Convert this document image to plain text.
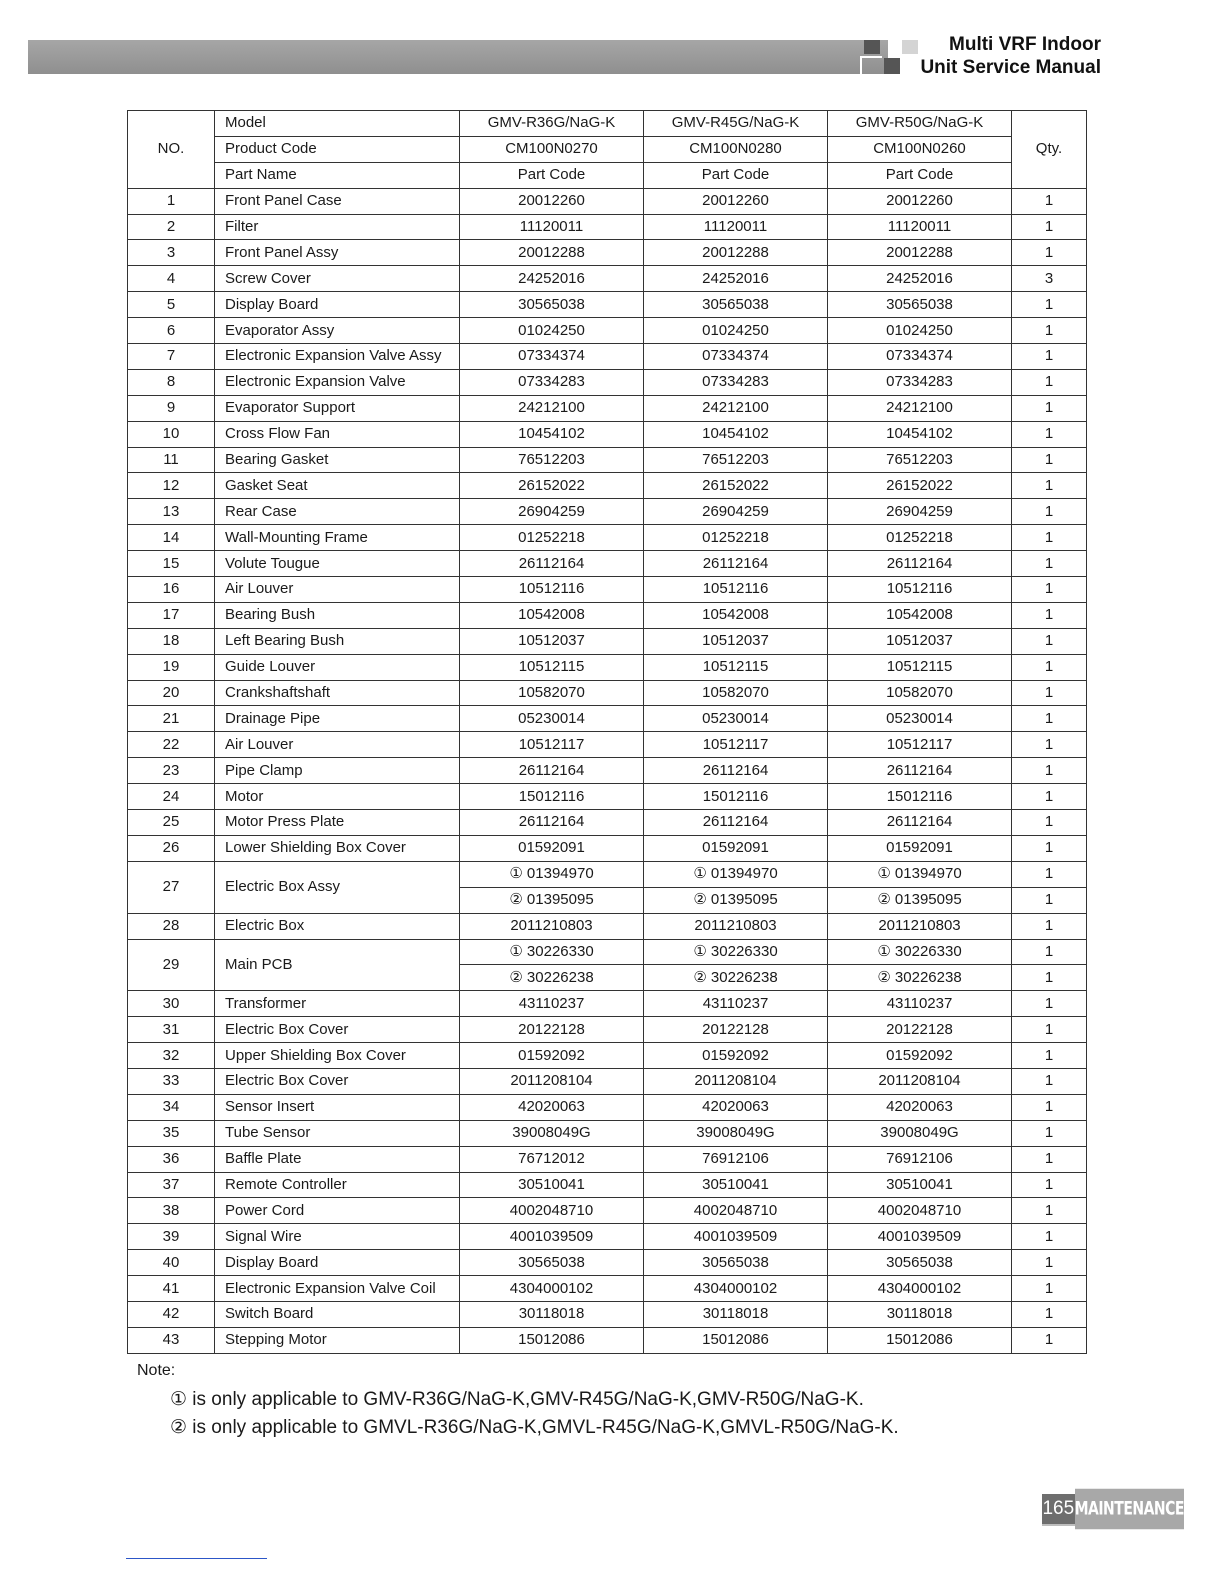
Multi VRF Indoor
Unit Service Manual
NO.	Model	GMV-R36G/NaG-K	GMV-R45G/NaG-K	GMV-R50G/NaG-K	Qty.
	Product Code	CM100N0270	CM100N0280	CM100N0260	
	Part Name	Part Code	Part Code	Part Code	
1	Front Panel Case	20012260	20012260	20012260	1
2	Filter	11120011	11120011	11120011	1
3	Front Panel Assy	20012288	20012288	20012288	1
4	Screw Cover	24252016	24252016	24252016	3
5	Display Board	30565038	30565038	30565038	1
6	Evaporator Assy	01024250	01024250	01024250	1
7	Electronic Expansion Valve Assy	07334374	07334374	07334374	1
8	Electronic Expansion Valve	07334283	07334283	07334283	1
9	Evaporator Support	24212100	24212100	24212100	1
10	Cross Flow Fan	10454102	10454102	10454102	1
11	Bearing Gasket	76512203	76512203	76512203	1
12	Gasket Seat	26152022	26152022	26152022	1
13	Rear Case	26904259	26904259	26904259	1
14	Wall-Mounting Frame	01252218	01252218	01252218	1
15	Volute Tougue	26112164	26112164	26112164	1
16	Air Louver	10512116	10512116	10512116	1
17	Bearing Bush	10542008	10542008	10542008	1
18	Left Bearing Bush	10512037	10512037	10512037	1
19	Guide Louver	10512115	10512115	10512115	1
20	Crankshaftshaft	10582070	10582070	10582070	1
21	Drainage Pipe	05230014	05230014	05230014	1
22	Air Louver	10512117	10512117	10512117	1
23	Pipe Clamp	26112164	26112164	26112164	1
24	Motor	15012116	15012116	15012116	1
25	Motor Press Plate	26112164	26112164	26112164	1
26	Lower Shielding Box Cover	01592091	01592091	01592091	1
27	Electric Box Assy	① 01394970	① 01394970	① 01394970	1
		② 01395095	② 01395095	② 01395095	1
28	Electric Box	2011210803	2011210803	2011210803	1
29	Main PCB	① 30226330	① 30226330	① 30226330	1
		② 30226238	② 30226238	② 30226238	1
30	Transformer	43110237	43110237	43110237	1
31	Electric Box Cover	20122128	20122128	20122128	1
32	Upper Shielding Box Cover	01592092	01592092	01592092	1
33	Electric Box Cover	2011208104	2011208104	2011208104	1
34	Sensor Insert	42020063	42020063	42020063	1
35	Tube Sensor	39008049G	39008049G	39008049G	1
36	Baffle Plate	76712012	76912106	76912106	1
37	Remote Controller	30510041	30510041	30510041	1
38	Power Cord	4002048710	4002048710	4002048710	1
39	Signal Wire	4001039509	4001039509	4001039509	1
40	Display Board	30565038	30565038	30565038	1
41	Electronic Expansion Valve Coil	4304000102	4304000102	4304000102	1
42	Switch Board	30118018	30118018	30118018	1
43	Stepping Motor	15012086	15012086	15012086	1
Note:
① is only applicable to GMV-R36G/NaG-K,GMV-R45G/NaG-K,GMV-R50G/NaG-K.
② is only applicable to GMVL-R36G/NaG-K,GMVL-R45G/NaG-K,GMVL-R50G/NaG-K.
165 MAINTENANCE
